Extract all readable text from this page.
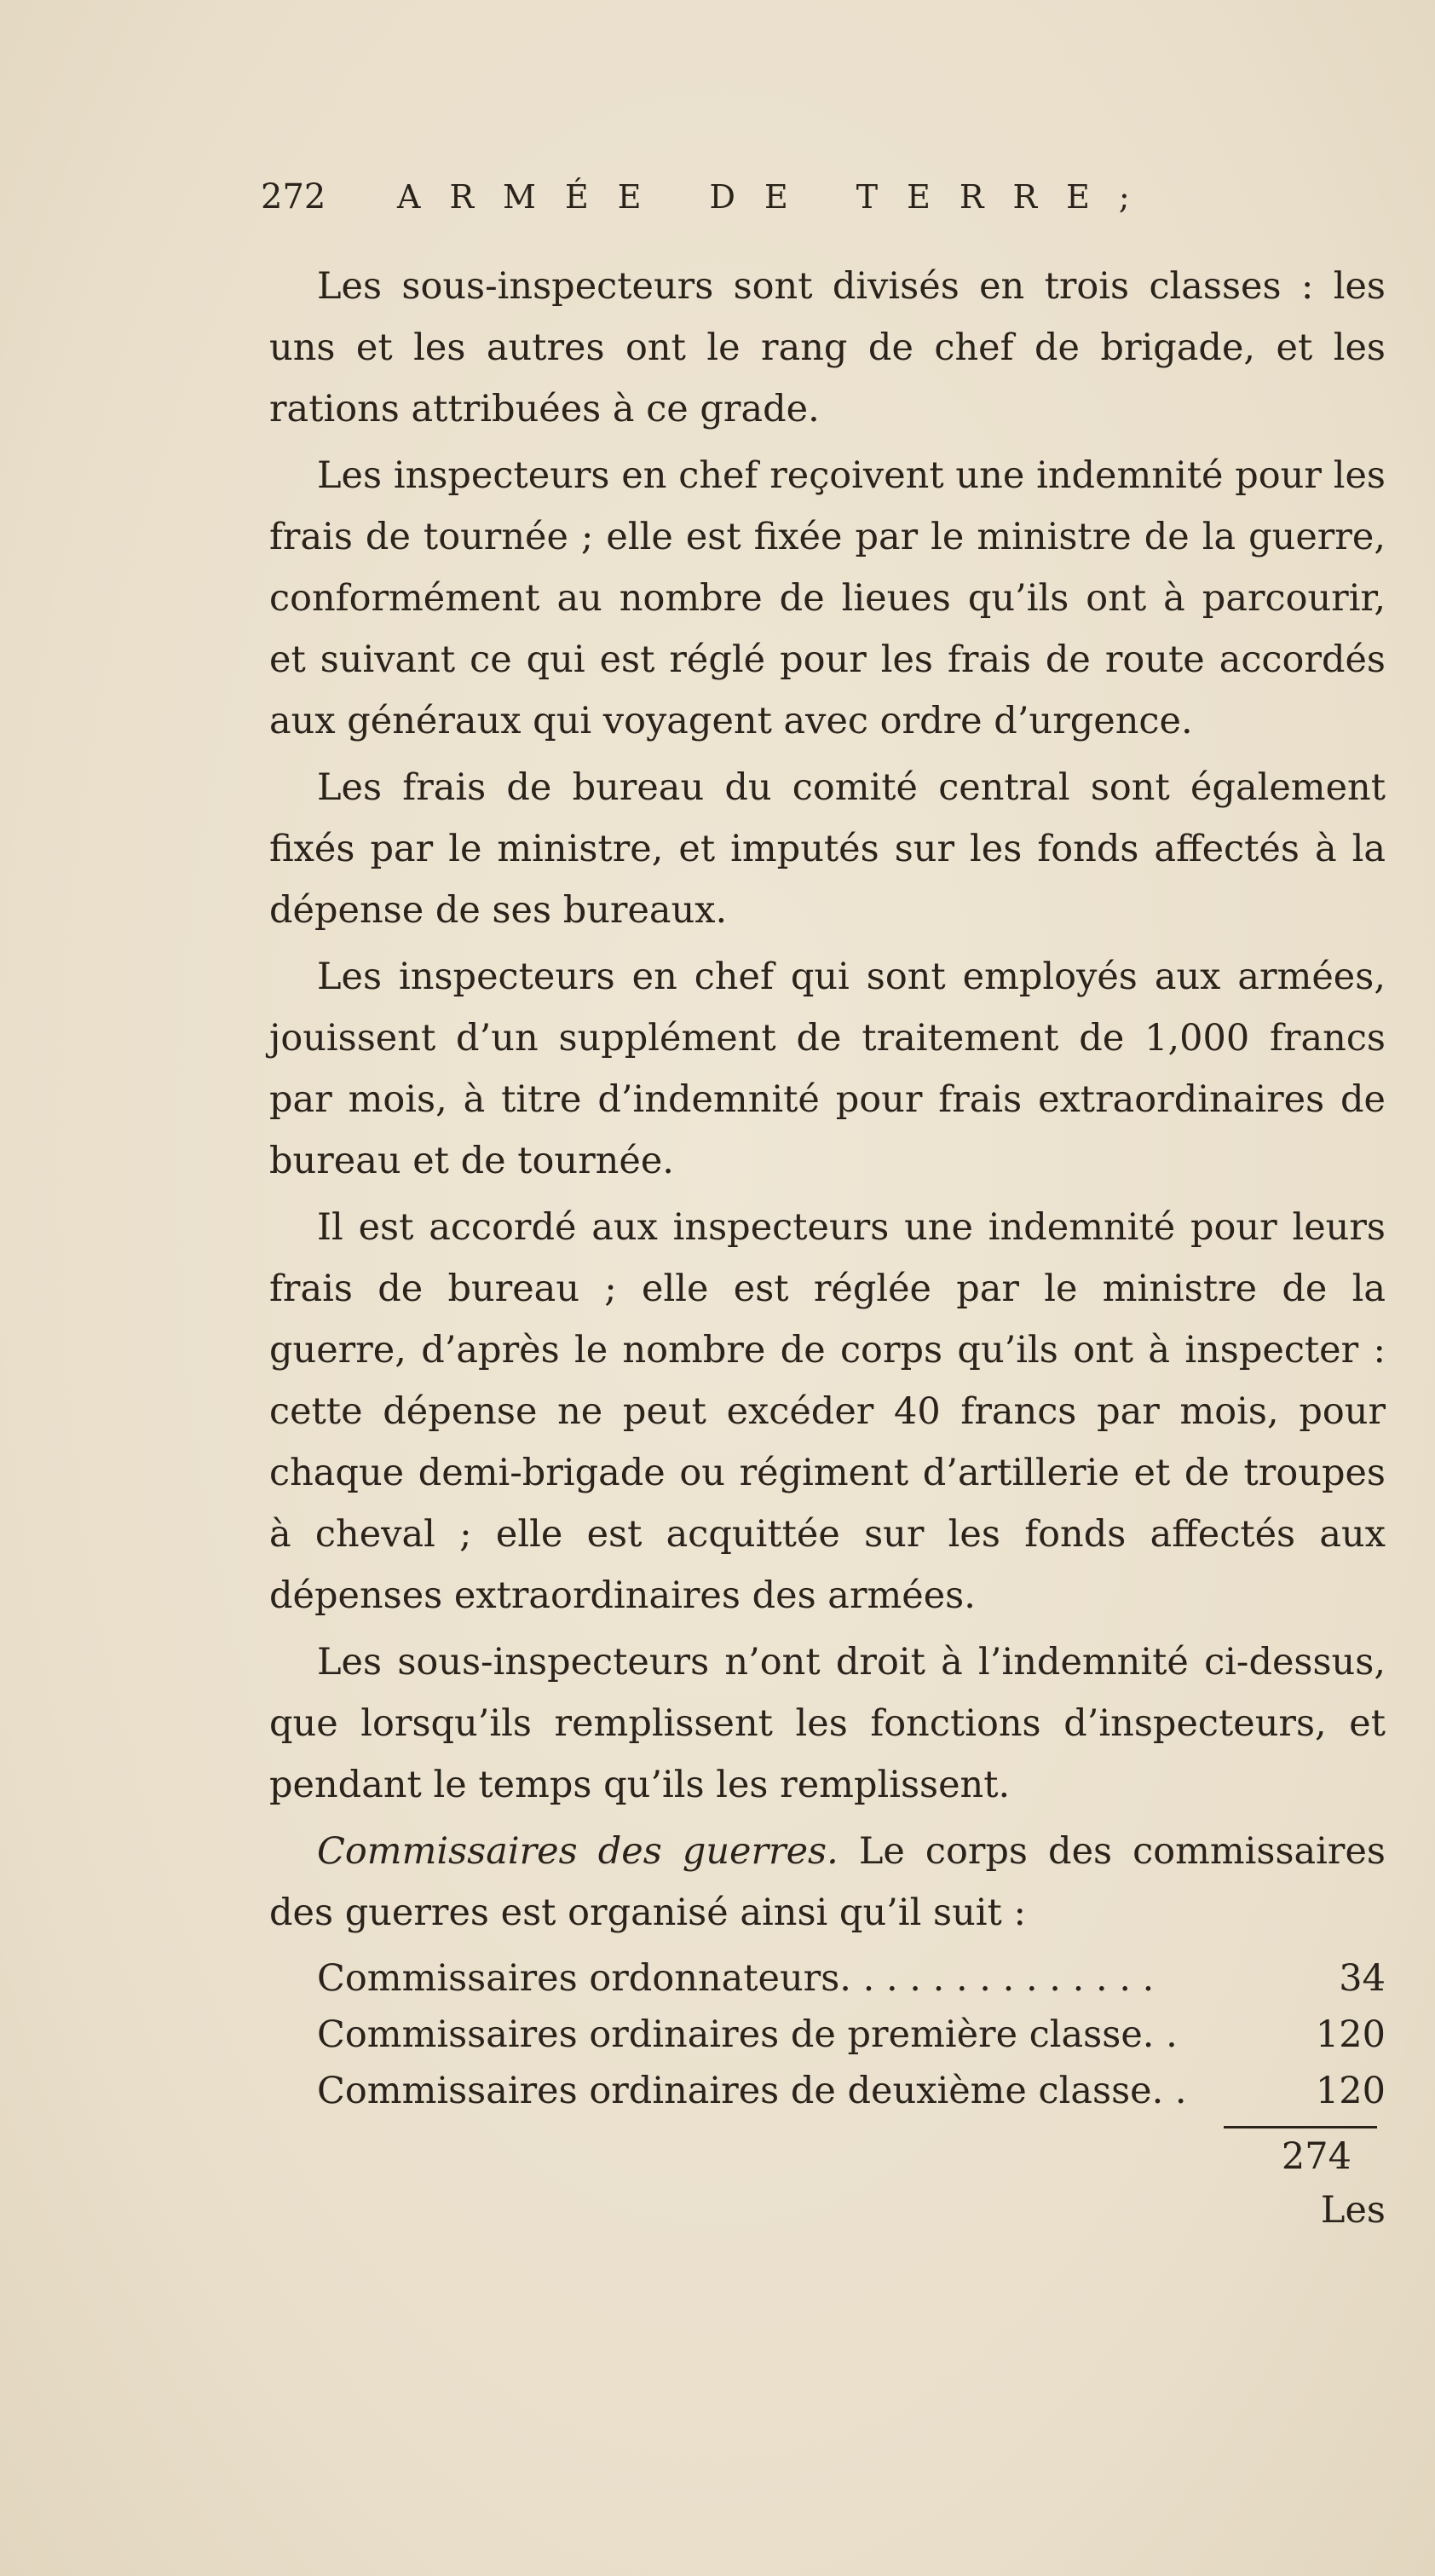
272	ARMÉE DE TERRE;

Les sous-inspecteurs sont divisés en trois classes : les uns et les autres ont le rang de chef de brigade, et les rations attribuées à ce grade.

Les inspecteurs en chef reçoivent une indemnité pour les frais de tournée ; elle est fixée par le ministre de la guerre, conformément au nombre de lieues qu’ils ont à parcourir, et suivant ce qui est réglé pour les frais de route accordés aux généraux qui voyagent avec ordre d’urgence.

Les frais de bureau du comité central sont également fixés par le ministre, et imputés sur les fonds affectés à la dépense de ses bureaux.

Les inspecteurs en chef qui sont employés aux armées, jouissent d’un supplément de traitement de 1,000 francs par mois, à titre d’indemnité pour frais extraordinaires de bureau et de tournée.

Il est accordé aux inspecteurs une indemnité pour leurs frais de bureau ; elle est réglée par le ministre de la guerre, d’après le nombre de corps qu’ils ont à inspecter : cette dépense ne peut excéder 40 francs par mois, pour chaque demi-brigade ou régiment d’artillerie et de troupes à cheval ; elle est acquittée sur les fonds affectés aux dépenses extraordinaires des armées.

Les sous-inspecteurs n’ont droit à l’indemnité ci-dessus, que lorsqu’ils remplissent les fonctions d’inspecteurs, et pendant le temps qu’ils les remplissent.

Commissaires des guerres. Le corps des commissaires des guerres est organisé ainsi qu’il suit :

Commissaires ordonnateurs. . . . . . . . . . . . . .	34
Commissaires ordinaires de première classe. .	120
Commissaires ordinaires de deuxième classe. .	120
274
Les
